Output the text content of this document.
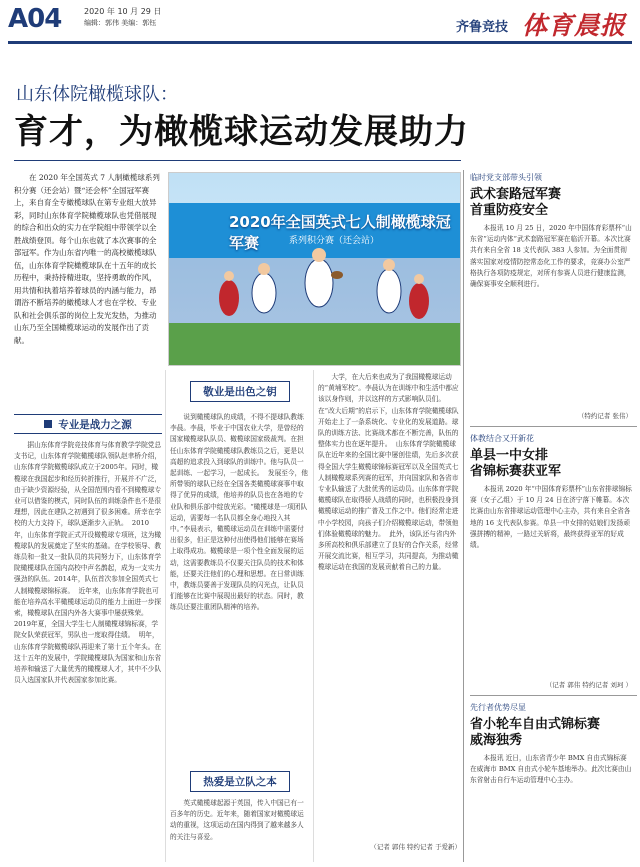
A04	2020 年 10 月 29 日
编辑：郭伟 美编：郭钰	齐鲁竞技 体育晨报
山东体院橄榄球队：
育才，为橄榄球运动发展助力

在 2020 年全国英式 7 人制橄榄球系列积分赛（还会站）暨“还会杯”全国冠军赛上，来自育全专橄榄球队在第专业组大放异彩，同时山东体育学院橄榄球队也凭借展现的综合和出众的实力在学院组中带领学以全胜战绩登顶。每个山东也就了本次赛事的全部冠军。作为山东省内唯一的高校橄榄球队伍，山东体育学院橄榄球队在十五年的成长历程中，秉持持精进取，坚持勇敢的作风，用共情和执着培养着球员的内涵与能力，昂谓浴不断培养的橄榄球人才也在学校、专业队和社会俱乐部的岗位上发光发热，为推动山东乃至全国橄榄球运动的发展作出了贡献。

2020年全国英式七人制橄榄球冠军赛	系列积分赛（还会站）
专业是战力之源

据山东体育学院竞技体育与体育教学学院党总支书记，山东体育学院橄榄球队领队赵聿桥介绍，山东体育学院橄榄球队成立于2005年。同时，橄榄球在我国起步和经历转折推行，开展并不广泛，由于缺少资源经验，从全国范围内看不到橄榄球专业可以借鉴的模式，同时队伍的训练条件也不是很理想，因此在建队之初遇到了很多困难。所幸在学校的大力支持下，球队逐渐步入正轨。  2010年，山东体育学院正式开设橄榄球专项班，这为橄榄球队的发展奠定了坚实的基础。在学校领导、教练员和一批又一批队员的共同努力下，山东体育学院橄榄球队在国内高校中声名鹊起，成为一支实力强劲的队伍。2014年，队伍首次参加全国英式七人制橄榄球锦标赛。  近年来，山东体育学院也可能在培养高水平橄榄球运动员的能力上面进一步探索，橄榄球队在国内外各大赛事中屡获殊荣。2019年夏，全国大学生七人制橄榄球锦标赛，学院女队荣获冠军，男队也一度取得佳绩。  明年，山东体育学院橄榄球队再迎来了第十五个年头。在这十五年的发展中，学院橄榄球队为国家和山东省培养和输送了大量优秀的橄榄球人才，其中不少队员入选国家队并代表国家参加比赛。

敬业是出色之钥

说到橄榄球队的成绩，不得不提球队教练李晨。李晨，毕业于中国农业大学，是曾经的国家橄榄球队队员、橄榄球国家级裁判。在担任山东体育学院橄榄球队教练员之后，更是以高超的追求投入到球队的训练中。他与队员一起训练、一起学习，一起成长。  发展至今，他所带领的球队已经在全国各类橄榄球赛事中取得了优异的成绩，他培养的队员也在各地的专业队和俱乐部中绽放光彩。“橄榄球是一项团队运动，需要每一名队员都全身心地投入其中。”李晨表示，橄榄球运动员在训练中需要付出很多，但正是这种付出使得他们能够在赛场上取得成功。橄榄球是一项个性全面发展的运动，这需要教练员不仅要关注队员的技术和体能，还要关注他们的心理和思想。在日常训练中，教练员要善于发现队员的闪光点，让队员们能够在比赛中展现出最好的状态。同时，教练员还要注重团队精神的培养。

热爱是立队之本

英式橄榄球起源于英国，传入中国已有一百多年的历史。近年来，随着国家对橄榄球运动的重视，这项运动在国内得到了越来越多人的关注与喜爱。

大学，在大后来也成为了我国橄榄球运动的“黄埔军校”。李晨认为在训练中和生活中都应该以身作则，并以这样的方式影响队员们。在“改大后期”的启示下，山东体育学院橄榄球队开始走上了一条系统化、专业化的发展道路。球队的训练方法、比赛战术都在不断完善，队伍的整体实力也在逐年提升。  山东体育学院橄榄球队在近年来的全国比赛中屡创佳绩，先后多次获得全国大学生橄榄球锦标赛冠军以及全国英式七人制橄榄球系列赛的冠军，并向国家队和各省市专业队输送了大批优秀的运动员。山东体育学院橄榄球队在取得骄人战绩的同时，也积极投身到橄榄球运动的推广普及工作之中。他们经常走进中小学校园，向孩子们介绍橄榄球运动，带领他们体验橄榄球的魅力。  此外，该队还与省内外多所高校和俱乐部建立了良好的合作关系，经常开展交流比赛，相互学习，共同提高，为推动橄榄球运动在我国的发展贡献着自己的力量。

（记者 郭伟 特约记者 于爱新）
临时党支部带头引领
武术套路冠军赛
首重防疫安全

本报讯 10 月 25 日，2020 年中国体育彩票杯“山东省”运动内体“武术套路冠军赛在临沂开幕。本次比赛共有来自全省 18 支代表队 383 人参加。为全面贯彻落实国家对疫情防控常态化工作的要求，竞赛办公室严格执行各项防疫规定，对所有参赛人员进行健康监测，确保赛事安全顺利进行。

（特约记者 张伟）
体教结合又开新花
单县一中女排
省锦标赛获亚军

本报讯 2020 年“中国体育彩票杯”山东省排球锦标赛（女子乙组）于 10 月 24 日在济宁落下帷幕。本次比赛由山东省排球运动管理中心主办，共有来自全省各地的 16 支代表队参赛。单县一中女排的姑娘们发扬顽强拼搏的精神，一路过关斩将，最终获得亚军的好成绩。

（记者 郭伟 特约记者 刘珂 ）
先行者优势尽显
省小轮车自由式锦标赛
威海独秀

本报讯 近日，山东省青少年 BMX 自由式锦标赛在威海市 BMX 自由式小轮车基地举办。此次比赛由山东省射击自行车运动管理中心主办。
